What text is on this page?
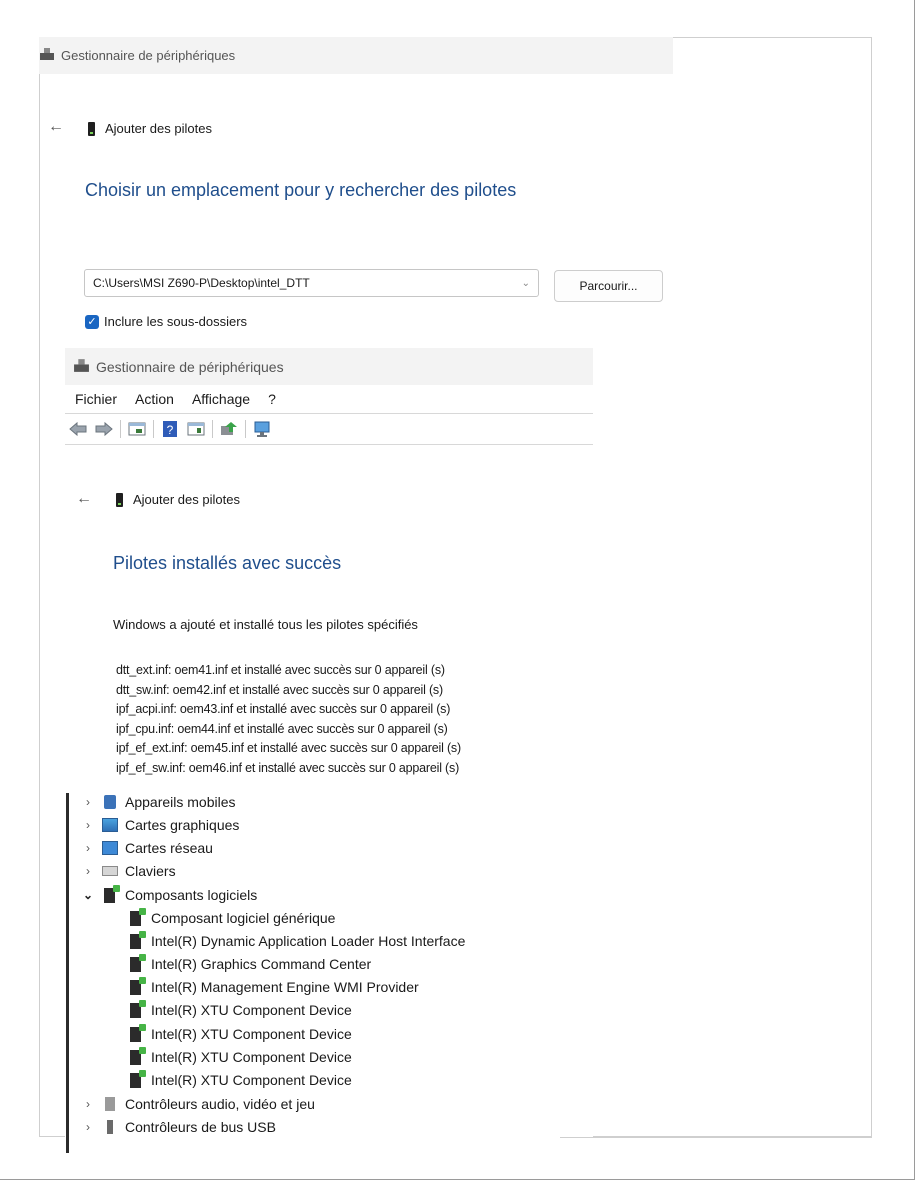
Gestionnaire de périphériques
←	Ajouter des pilotes
Choisir un emplacement pour y rechercher des pilotes
C:\Users\MSI Z690-P\Desktop\intel_DTT	⌄	Parcourir...
✓ Inclure les sous-dossiers
Gestionnaire de périphériques
Fichier Action Affichage ?
?
←	Ajouter des pilotes
Pilotes installés avec succès
Windows a ajouté et installé tous les pilotes spécifiés
dtt_ext.inf: oem41.inf et installé avec succès sur 0 appareil (s)
dtt_sw.inf: oem42.inf et installé avec succès sur 0 appareil (s)
ipf_acpi.inf: oem43.inf et installé avec succès sur 0 appareil (s)
ipf_cpu.inf: oem44.inf et installé avec succès sur 0 appareil (s)
ipf_ef_ext.inf: oem45.inf et installé avec succès sur 0 appareil (s)
ipf_ef_sw.inf: oem46.inf et installé avec succès sur 0 appareil (s)
›	Appareils mobiles
›	Cartes graphiques
›	Cartes réseau
›	Claviers
⌄ Composants logiciels
Composant logiciel générique
Intel(R) Dynamic Application Loader Host Interface
Intel(R) Graphics Command Center
Intel(R) Management Engine WMI Provider
Intel(R) XTU Component Device
Intel(R) XTU Component Device
Intel(R) XTU Component Device
Intel(R) XTU Component Device
›	Contrôleurs audio, vidéo et jeu
›	Contrôleurs de bus USB
